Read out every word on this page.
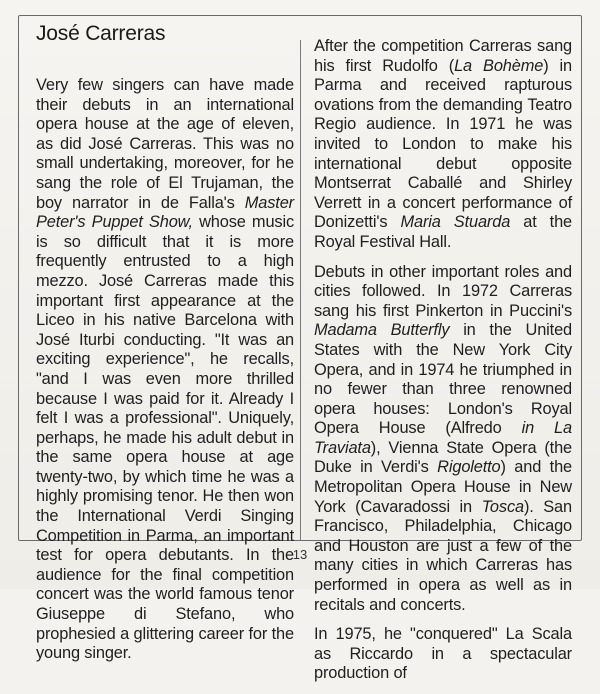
José Carreras

Very few singers can have made their debuts in an international opera house at the age of eleven, as did José Carreras. This was no small undertaking, moreover, for he sang the role of El Trujaman, the boy narrator in de Falla's Master Peter's Puppet Show, whose music is so difficult that it is more frequently entrusted to a high mezzo. José Carreras made this important first appearance at the Liceo in his native Barcelona with José Iturbi conducting. "It was an exciting experience", he recalls, "and I was even more thrilled because I was paid for it. Already I felt I was a professional". Uniquely, perhaps, he made his adult debut in the same opera house at age twenty-two, by which time he was a highly promising tenor. He then won the International Verdi Singing Competition in Parma, an important test for opera debutants. In the audience for the final competition concert was the world famous tenor Giuseppe di Stefano, who prophesied a glittering career for the young singer.

After the competition Carreras sang his first Rudolfo (La Bohème) in Parma and received rapturous ovations from the demanding Teatro Regio audience. In 1971 he was invited to London to make his international debut opposite Montserrat Caballé and Shirley Verrett in a concert performance of Donizetti's Maria Stuarda at the Royal Festival Hall.

Debuts in other important roles and cities followed. In 1972 Carreras sang his first Pinkerton in Puccini's Madama Butterfly in the United States with the New York City Opera, and in 1974 he triumphed in no fewer than three renowned opera houses: London's Royal Opera House (Alfredo in La Traviata), Vienna State Opera (the Duke in Verdi's Rigoletto) and the Metropolitan Opera House in New York (Cavaradossi in Tosca). San Francisco, Philadelphia, Chicago and Houston are just a few of the many cities in which Carreras has performed in opera as well as in recitals and concerts.

In 1975, he "conquered" La Scala as Riccardo in a spectacular production of

13
